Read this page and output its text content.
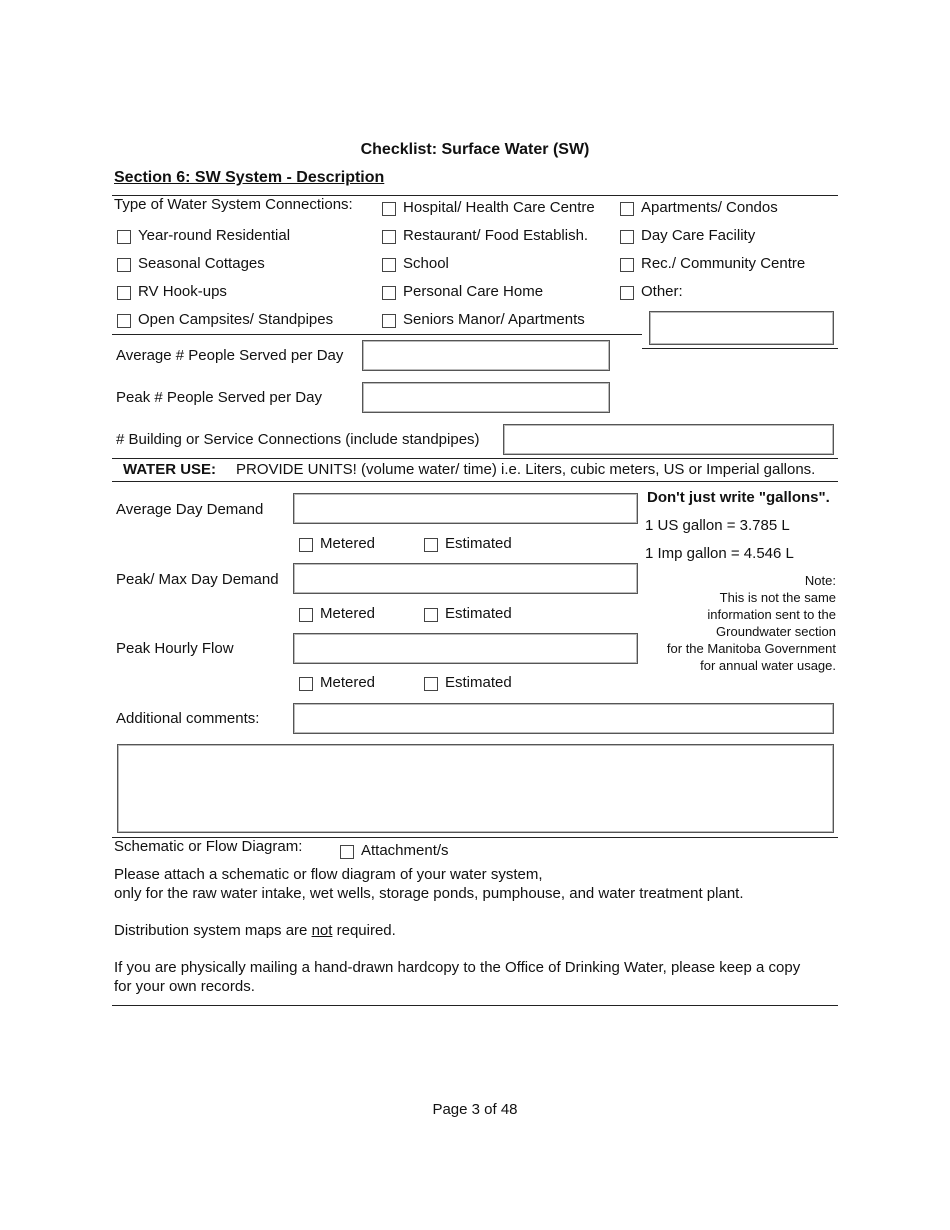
Checklist: Surface Water (SW)
Section 6: SW System - Description
Type of Water System Connections:
Year-round Residential
Seasonal Cottages
RV Hook-ups
Open Campsites/ Standpipes
Hospital/ Health Care Centre
Restaurant/ Food Establish.
School
Personal Care Home
Seniors Manor/ Apartments
Apartments/ Condos
Day Care Facility
Rec./ Community Centre
Other:
Average # People Served per Day
Peak # People Served per Day
# Building or Service Connections (include standpipes)
WATER USE: PROVIDE UNITS! (volume water/ time) i.e. Liters, cubic meters, US or Imperial gallons.
Average Day Demand
Metered	Estimated
Peak/ Max Day Demand
Metered	Estimated
Peak Hourly Flow
Metered	Estimated
Don't just write "gallons".
1 US gallon = 3.785 L
1 Imp gallon = 4.546 L
Note:
This is not the same
information sent to the
Groundwater section
for the Manitoba Government
for annual water usage.
Additional comments:
Schematic or Flow Diagram:	Attachment/s
Please attach a schematic or flow diagram of your water system,
only for the raw water intake, wet wells, storage ponds, pumphouse, and water treatment plant.
Distribution system maps are not required.
If you are physically mailing a hand-drawn hardcopy to the Office of Drinking Water, please keep a copy
for your own records.
Page 3 of 48
